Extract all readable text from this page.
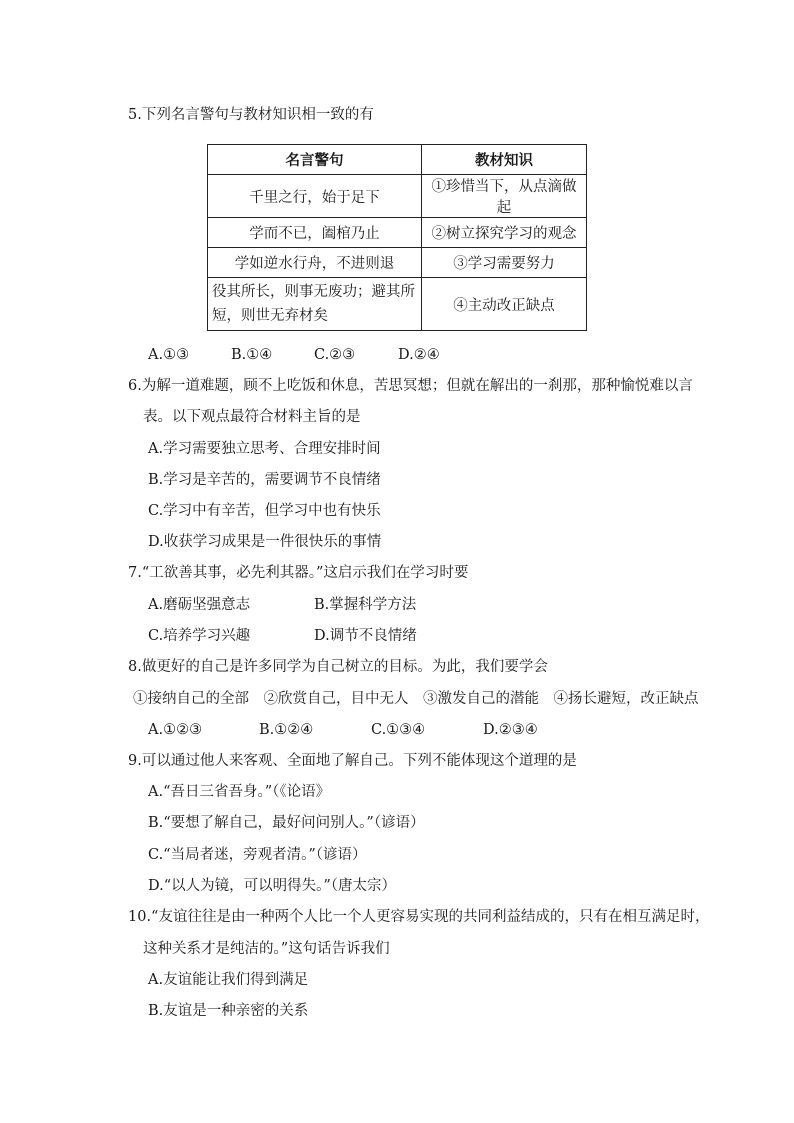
5.下列名言警句与教材知识相一致的有
名言警句	教材知识
千里之行，始于足下	①珍惜当下，从点滴做起
学而不已，阖棺乃止	②树立探究学习的观念
学如逆水行舟，不进则退	③学习需要努力
役其所长，则事无废功；避其所短，则世无弃材矣	④主动改正缺点
A.①③	B.①④	C.②③	D.②④
6.为解一道难题，顾不上吃饭和休息，苦思冥想；但就在解出的一刹那，那种愉悦难以言
表。以下观点最符合材料主旨的是
A.学习需要独立思考、合理安排时间
B.学习是辛苦的，需要调节不良情绪
C.学习中有辛苦，但学习中也有快乐
D.收获学习成果是一件很快乐的事情
7.“工欲善其事，必先利其器。”这启示我们在学习时要
A.磨砺坚强意志	B.掌握科学方法
C.培养学习兴趣	D.调节不良情绪
8.做更好的自己是许多同学为自己树立的目标。为此，我们要学会
①接纳自己的全部　②欣赏自己，目中无人　③激发自己的潜能　④扬长避短，改正缺点
A.①②③	B.①②④	C.①③④	D.②③④
9.可以通过他人来客观、全面地了解自己。下列不能体现这个道理的是
A.“吾日三省吾身。”（《论语》
B.“要想了解自己，最好问问别人。”（谚语）
C.“当局者迷，旁观者清。”（谚语）
D.“以人为镜，可以明得失。”（唐太宗）
10.“友谊往往是由一种两个人比一个人更容易实现的共同利益结成的，只有在相互满足时，
这种关系才是纯洁的。”这句话告诉我们
A.友谊能让我们得到满足
B.友谊是一种亲密的关系
